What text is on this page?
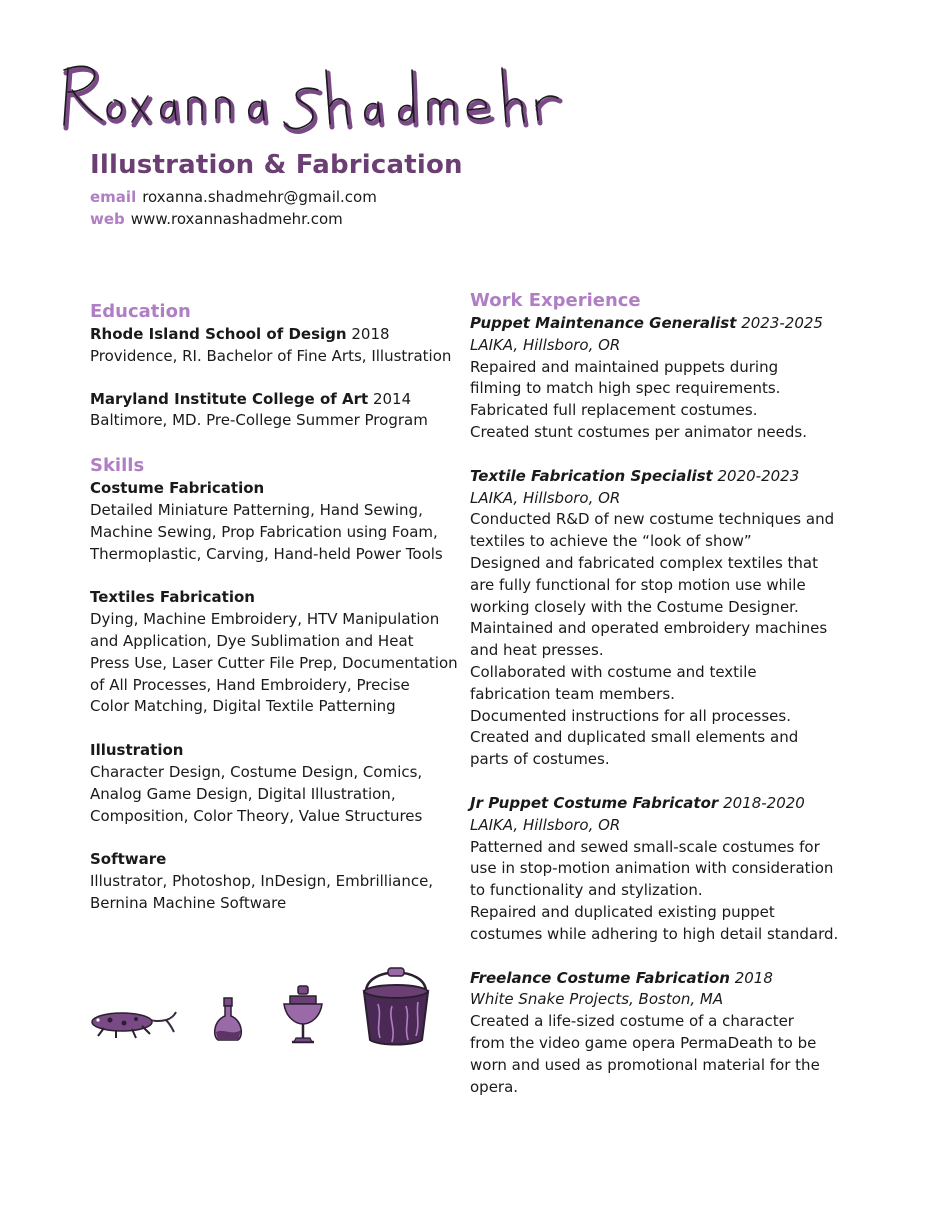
Illustration & Fabrication
email roxanna.shadmehr@gmail.com
web www.roxannashadmehr.com
Education

Rhode Island School of Design 2018

Providence, RI. Bachelor of Fine Arts, Illustration

Maryland Institute College of Art 2014

Baltimore, MD. Pre-College Summer Program

Skills

Costume Fabrication

Detailed Miniature Patterning, Hand Sewing,

Machine Sewing, Prop Fabrication using Foam,

Thermoplastic, Carving, Hand-held Power Tools

Textiles Fabrication

Dying, Machine Embroidery, HTV Manipulation

and Application, Dye Sublimation and Heat

Press Use, Laser Cutter File Prep, Documentation

of All Processes, Hand Embroidery, Precise

Color Matching, Digital Textile Patterning

Illustration

Character Design, Costume Design, Comics,

Analog Game Design, Digital Illustration,

Composition, Color Theory, Value Structures

Software

Illustrator, Photoshop, InDesign, Embrilliance,

Bernina Machine Software

Work Experience

Puppet Maintenance Generalist 2023-2025

LAIKA, Hillsboro, OR

Repaired and maintained puppets during

filming to match high spec requirements.

Fabricated full replacement costumes.

Created stunt costumes per animator needs.

Textile Fabrication Specialist 2020-2023

LAIKA, Hillsboro, OR

Conducted R&D of new costume techniques and

textiles to achieve the “look of show”

Designed and fabricated complex textiles that

are fully functional for stop motion use while

working closely with the Costume Designer.

Maintained and operated embroidery machines

and heat presses.

Collaborated with costume and textile

fabrication team members.

Documented instructions for all processes.

Created and duplicated small elements and

parts of costumes.

Jr Puppet Costume Fabricator 2018-2020

LAIKA, Hillsboro, OR

Patterned and sewed small-scale costumes for

use in stop-motion animation with consideration

to functionality and stylization.

Repaired and duplicated existing puppet

costumes while adhering to high detail standard.

Freelance Costume Fabrication 2018

White Snake Projects, Boston, MA

Created a life-sized costume of a character

from the video game opera PermaDeath to be

worn and used as promotional material for the

opera.
